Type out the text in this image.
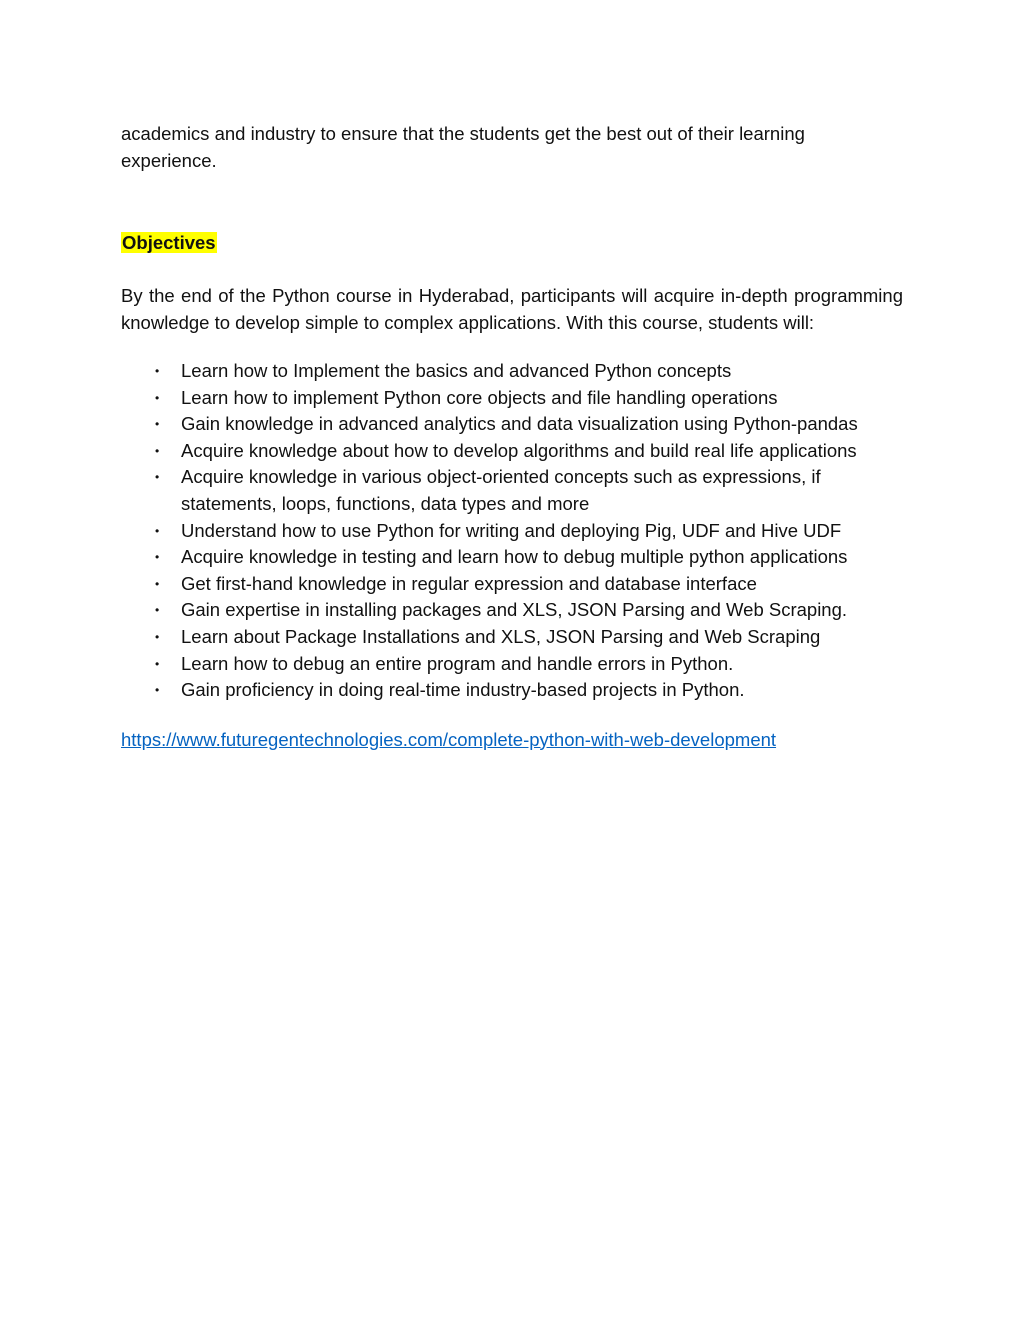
academics and industry to ensure that the students get the best out of their learning experience.

Objectives

By the end of the Python course in Hyderabad, participants will acquire in-depth programming knowledge to develop simple to complex applications. With this course, students will:

• Learn how to Implement the basics and advanced Python concepts
• Learn how to implement Python core objects and file handling operations
• Gain knowledge in advanced analytics and data visualization using Python-pandas
• Acquire knowledge about how to develop algorithms and build real life applications
• Acquire knowledge in various object-oriented concepts such as expressions, if statements, loops, functions, data types and more
• Understand how to use Python for writing and deploying Pig, UDF and Hive UDF
• Acquire knowledge in testing and learn how to debug multiple python applications
• Get first-hand knowledge in regular expression and database interface
• Gain expertise in installing packages and XLS, JSON Parsing and Web Scraping.
• Learn about Package Installations and XLS, JSON Parsing and Web Scraping
• Learn how to debug an entire program and handle errors in Python.
• Gain proficiency in doing real-time industry-based projects in Python.
https://www.futuregentechnologies.com/complete-python-with-web-development
